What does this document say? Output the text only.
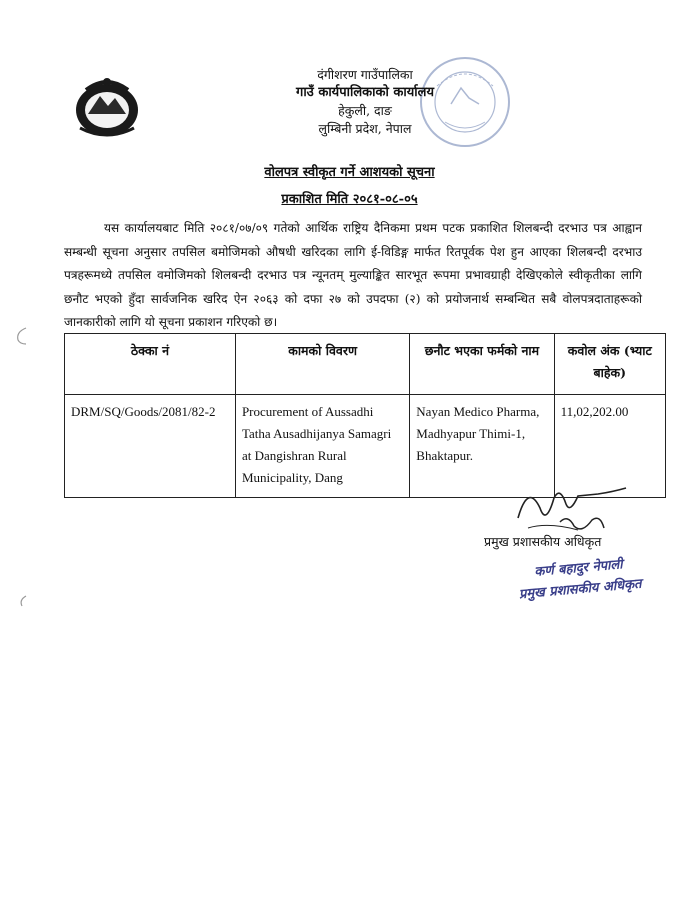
दंगीशरण गाउँपालिका
गाउँ कार्यपालिकाको कार्यालय
हेकुली, दाङ
लुम्बिनी प्रदेश, नेपाल
वोलपत्र स्वीकृत गर्ने आशयको सूचना
प्रकाशित मिति २०८१-०८-०५
यस कार्यालयबाट मिति २०८१/०७/०९ गतेको आर्थिक राष्ट्रिय दैनिकमा प्रथम पटक प्रकाशित शिलबन्दी दरभाउ पत्र आह्वान सम्बन्धी सूचना अनुसार तपसिल बमोजिमको औषधी खरिदका लागि ई-विडिङ्ग मार्फत रितपूर्वक पेश हुन आएका शिलबन्दी दरभाउ पत्रहरूमध्ये तपसिल वमोजिमको शिलबन्दी दरभाउ पत्र न्यूनतम् मुल्याङ्कित सारभूत रूपमा प्रभावग्राही देखिएकोले स्वीकृतीका लागि छनौट भएको हुँदा सार्वजनिक खरिद ऐन २०६३ को दफा २७ को उपदफा (२) को प्रयोजनार्थ सम्बन्धित सबै वोलपत्रदाताहरूको जानकारीको लागि यो सूचना प्रकाशन गरिएको छ।
ठेक्का नं	कामको विवरण	छनौट भएका फर्मको नाम	कवोल अंक (भ्याट बाहेक)
DRM/SQ/Goods/2081/82-2	Procurement of Aussadhi Tatha Ausadhijanya Samagri at Dangishran Rural Municipality, Dang	Nayan Medico Pharma, Madhyapur Thimi-1, Bhaktapur.	11,02,202.00
प्रमुख प्रशासकीय अधिकृत
कर्ण बहादुर नेपाली
प्रमुख प्रशासकीय अधिकृत
